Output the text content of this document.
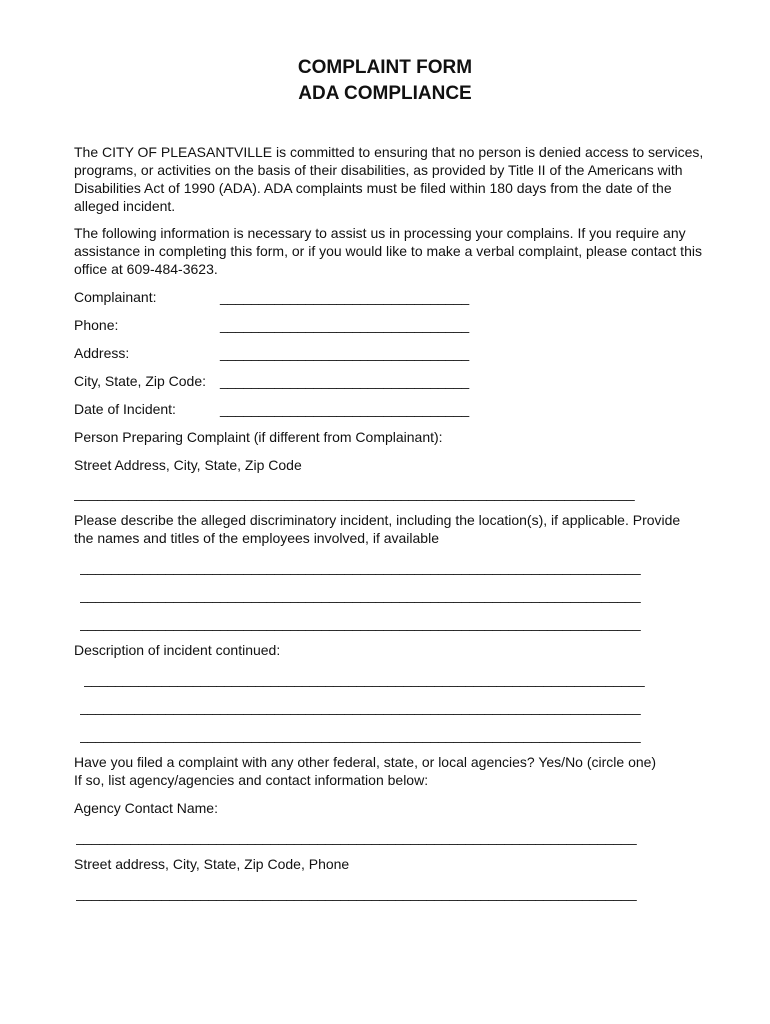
COMPLAINT FORM
ADA COMPLIANCE
The CITY OF PLEASANTVILLE is committed to ensuring that no person is denied access to services,
programs, or activities on the basis of their disabilities, as provided by Title II of the Americans with
Disabilities Act of 1990 (ADA). ADA complaints must be filed within 180 days from the date of the
alleged incident.
The following information is necessary to assist us in processing your complains. If you require any
assistance in completing this form, or if you would like to make a verbal complaint, please contact this
office at 609-484-3623.
Complainant:	________________________________
Phone:	________________________________
Address:	________________________________
City, State, Zip Code: ________________________________
Date of Incident:	________________________________
Person Preparing Complaint (if different from Complainant):
Street Address, City, State, Zip Code
________________________________________________________________________
Please describe the alleged discriminatory incident, including the location(s), if applicable. Provide
the names and titles of the employees involved, if available
________________________________________________________________________
________________________________________________________________________
________________________________________________________________________
Description of incident continued:
________________________________________________________________________
________________________________________________________________________
________________________________________________________________________
Have you filed a complaint with any other federal, state, or local agencies? Yes/No (circle one)
If so, list agency/agencies and contact information below:
Agency Contact Name:
________________________________________________________________________
Street address, City, State, Zip Code, Phone
________________________________________________________________________
